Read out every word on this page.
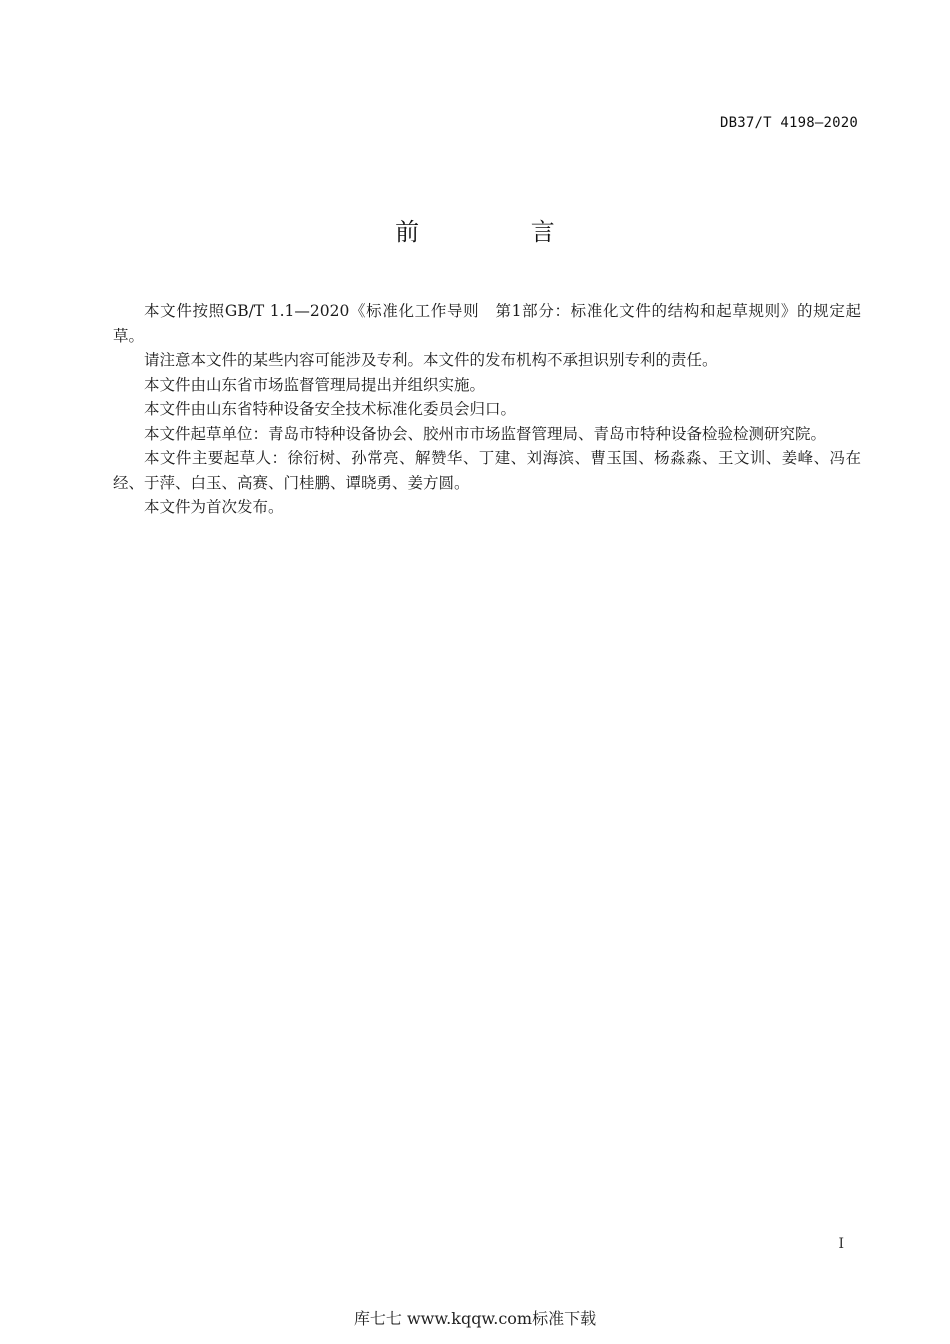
DB37/T 4198—2020
前 言

本文件按照GB/T 1.1—2020《标准化工作导则　第1部分：标准化文件的结构和起草规则》的规定起草。

请注意本文件的某些内容可能涉及专利。本文件的发布机构不承担识别专利的责任。

本文件由山东省市场监督管理局提出并组织实施。

本文件由山东省特种设备安全技术标准化委员会归口。

本文件起草单位：青岛市特种设备协会、胶州市市场监督管理局、青岛市特种设备检验检测研究院。

本文件主要起草人：徐衍树、孙常亮、解赞华、丁建、刘海滨、曹玉国、杨淼淼、王文训、姜峰、冯在经、于萍、白玉、高赛、门桂鹏、谭晓勇、姜方圆。

本文件为首次发布。

I
库七七 www.kqqw.com标准下载
